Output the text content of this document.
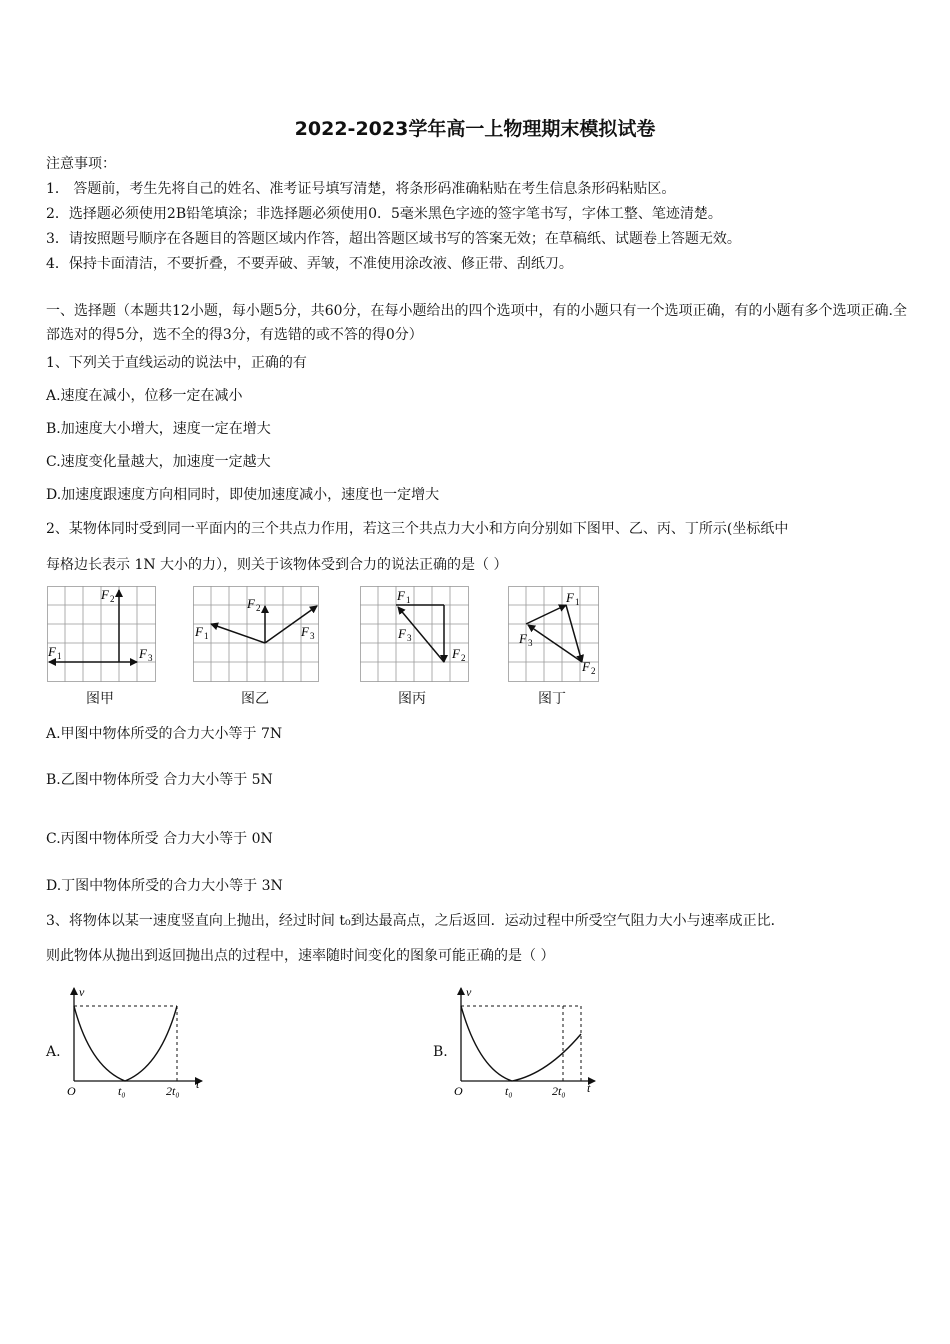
2022-2023学年高一上物理期末模拟试卷
注意事项：
1． 答题前，考生先将自己的姓名、准考证号填写清楚，将条形码准确粘贴在考生信息条形码粘贴区。
2．选择题必须使用2B铅笔填涂；非选择题必须使用0．5毫米黑色字迹的签字笔书写，字体工整、笔迹清楚。
3．请按照题号顺序在各题目的答题区域内作答，超出答题区域书写的答案无效；在草稿纸、试题卷上答题无效。
4．保持卡面清洁，不要折叠，不要弄破、弄皱，不准使用涂改液、修正带、刮纸刀。
一、选择题（本题共12小题，每小题5分，共60分，在每小题给出的四个选项中，有的小题只有一个选项正确，有的小题有多个选项正确.全部选对的得5分，选不全的得3分，有选错的或不答的得0分）
1、下列关于直线运动的说法中，正确的有
A.速度在减小，位移一定在减小
B.加速度大小增大，速度一定在增大
C.速度变化量越大，加速度一定越大
D.加速度跟速度方向相同时，即使加速度减小，速度也一定增大
2、某物体同时受到同一平面内的三个共点力作用，若这三个共点力大小和方向分别如下图甲、乙、丙、丁所示(坐标纸中
每格边长表示 1N 大小的力），则关于该物体受到合力的说法正确的是（ ）
F 2
F 1	F 3
图甲
F 2
F 1	F 3
图乙
F 1
F 3
F 2
图丙
F 1
F 3
F 2
图丁
A.甲图中物体所受的合力大小等于 7N
B.乙图中物体所受 合力大小等于 5N
C.丙图中物体所受 合力大小等于 0N
D.丁图中物体所受的合力大小等于 3N
3、将物体以某一速度竖直向上抛出，经过时间 t₀到达最高点，之后返回．运动过程中所受空气阻力大小与速率成正比．
则此物体从抛出到返回抛出点的过程中，速率随时间变化的图象可能正确的是（ ）
A.
v
O	t₀	2t₀ t
B.
v
O	t₀	2t₀ t
